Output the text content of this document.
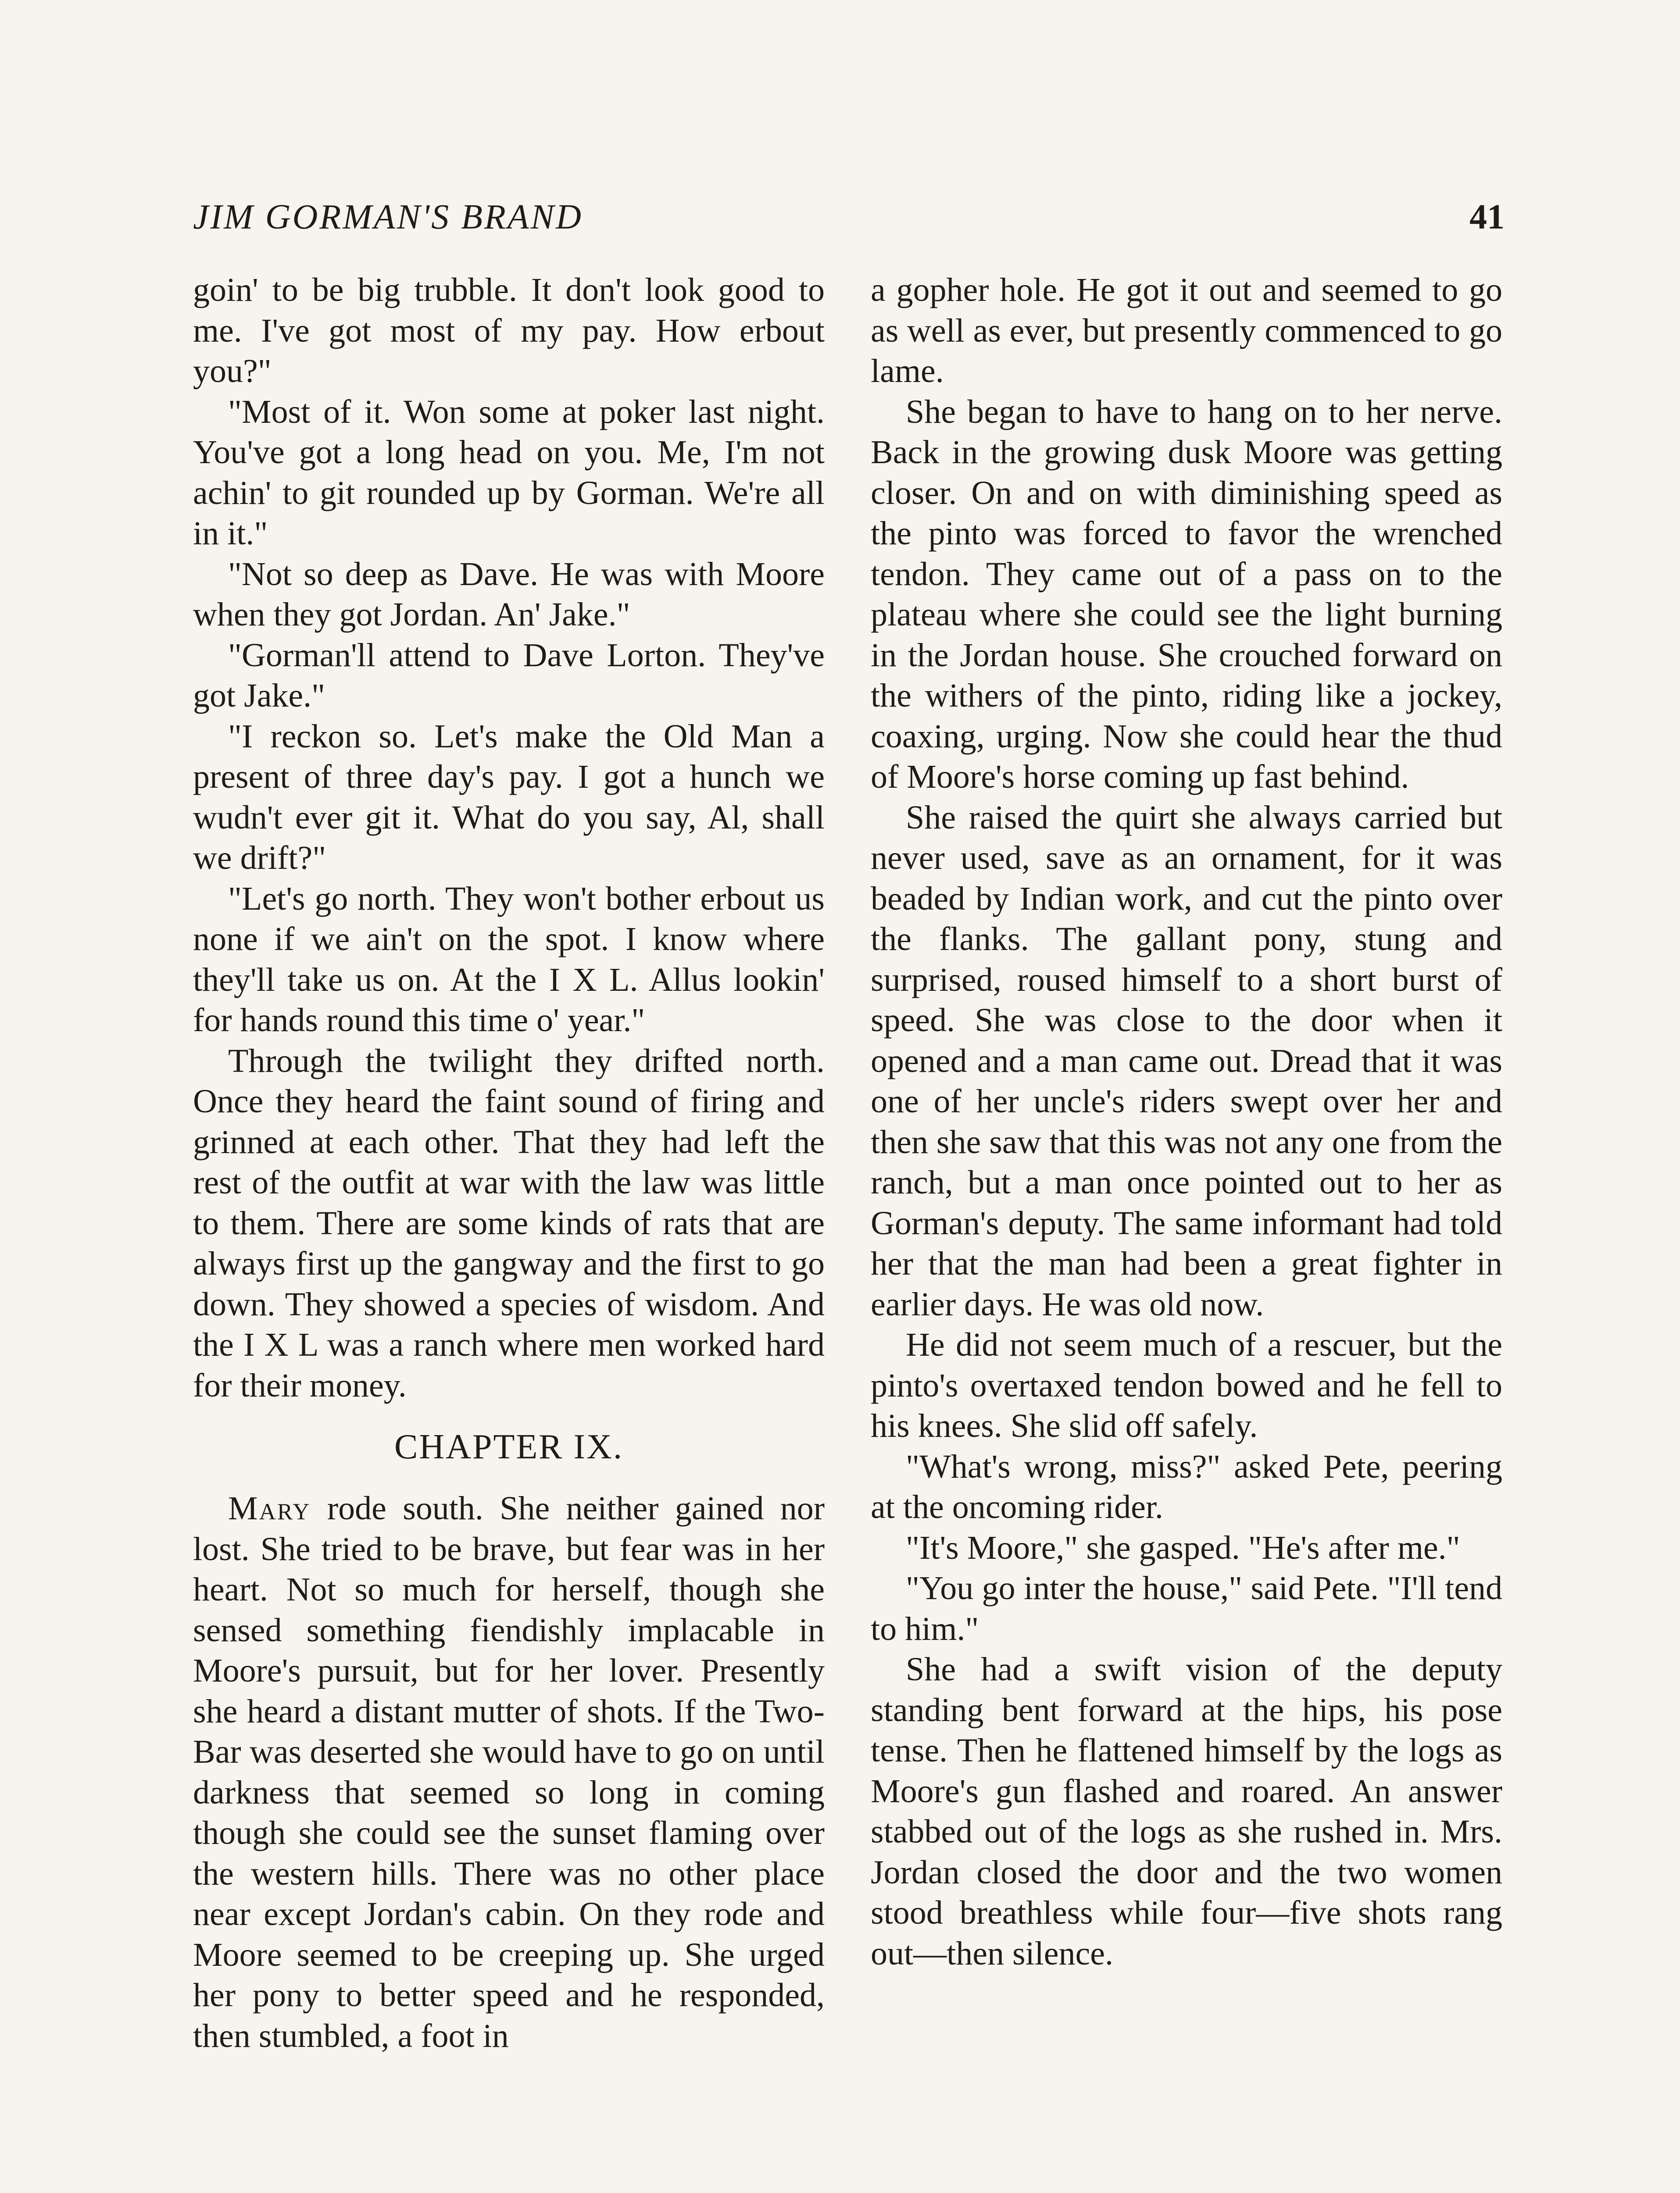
JIM GORMAN'S BRAND	41

goin' to be big trubble. It don't look good to me. I've got most of my pay. How erbout you?"

"Most of it. Won some at poker last night. You've got a long head on you. Me, I'm not achin' to git rounded up by Gorman. We're all in it."

"Not so deep as Dave. He was with Moore when they got Jordan. An' Jake."

"Gorman'll attend to Dave Lorton. They've got Jake."

"I reckon so. Let's make the Old Man a present of three day's pay. I got a hunch we wudn't ever git it. What do you say, Al, shall we drift?"

"Let's go north. They won't bother erbout us none if we ain't on the spot. I know where they'll take us on. At the I X L. Allus lookin' for hands round this time o' year."

Through the twilight they drifted north. Once they heard the faint sound of firing and grinned at each other. That they had left the rest of the outfit at war with the law was little to them. There are some kinds of rats that are always first up the gangway and the first to go down. They showed a species of wisdom. And the I X L was a ranch where men worked hard for their money.

CHAPTER IX.

Mary rode south. She neither gained nor lost. She tried to be brave, but fear was in her heart. Not so much for herself, though she sensed something fiendishly implacable in Moore's pursuit, but for her lover. Presently she heard a distant mutter of shots. If the Two-Bar was deserted she would have to go on until darkness that seemed so long in coming though she could see the sunset flaming over the western hills. There was no other place near except Jordan's cabin. On they rode and Moore seemed to be creeping up. She urged her pony to better speed and he responded, then stumbled, a foot in

a gopher hole. He got it out and seemed to go as well as ever, but presently commenced to go lame.

She began to have to hang on to her nerve. Back in the growing dusk Moore was getting closer. On and on with diminishing speed as the pinto was forced to favor the wrenched tendon. They came out of a pass on to the plateau where she could see the light burning in the Jordan house. She crouched forward on the withers of the pinto, riding like a jockey, coaxing, urging. Now she could hear the thud of Moore's horse coming up fast behind.

She raised the quirt she always carried but never used, save as an ornament, for it was beaded by Indian work, and cut the pinto over the flanks. The gallant pony, stung and surprised, roused himself to a short burst of speed. She was close to the door when it opened and a man came out. Dread that it was one of her uncle's riders swept over her and then she saw that this was not any one from the ranch, but a man once pointed out to her as Gorman's deputy. The same informant had told her that the man had been a great fighter in earlier days. He was old now.

He did not seem much of a rescuer, but the pinto's overtaxed tendon bowed and he fell to his knees. She slid off safely.

"What's wrong, miss?" asked Pete, peering at the oncoming rider.

"It's Moore," she gasped. "He's after me."

"You go inter the house," said Pete. "I'll tend to him."

She had a swift vision of the deputy standing bent forward at the hips, his pose tense. Then he flattened himself by the logs as Moore's gun flashed and roared. An answer stabbed out of the logs as she rushed in. Mrs. Jordan closed the door and the two women stood breathless while four—five shots rang out—then silence.
